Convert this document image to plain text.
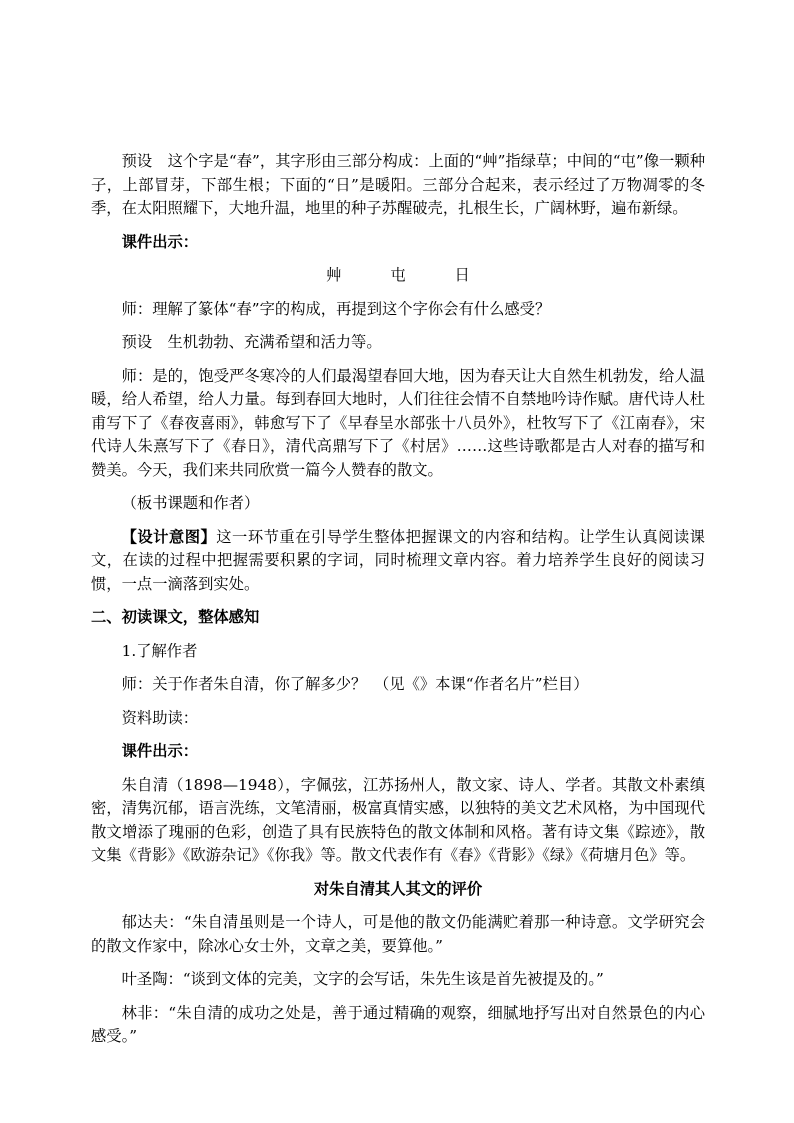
预设　这个字是“春”，其字形由三部分构成：上面的“艸”指绿草；中间的“屯”像一颗种子，上部冒芽，下部生根；下面的“日”是暖阳。三部分合起来，表示经过了万物凋零的冬季，在太阳照耀下，大地升温，地里的种子苏醒破壳，扎根生长，广阔林野，遍布新绿。

课件出示：

艸	屯	日

师：理解了篆体“春”字的构成，再提到这个字你会有什么感受？

预设　生机勃勃、充满希望和活力等。

师：是的，饱受严冬寒冷的人们最渴望春回大地，因为春天让大自然生机勃发，给人温暖，给人希望，给人力量。每到春回大地时，人们往往会情不自禁地吟诗作赋。唐代诗人杜甫写下了《春夜喜雨》，韩愈写下了《早春呈水部张十八员外》，杜牧写下了《江南春》，宋代诗人朱熹写下了《春日》，清代高鼎写下了《村居》……这些诗歌都是古人对春的描写和赞美。今天，我们来共同欣赏一篇今人赞春的散文。

（板书课题和作者）

【设计意图】这一环节重在引导学生整体把握课文的内容和结构。让学生认真阅读课文，在读的过程中把握需要积累的字词，同时梳理文章内容。着力培养学生良好的阅读习惯，一点一滴落到实处。

二、初读课文，整体感知

1.了解作者

师：关于作者朱自清，你了解多少？　（见《》本课“作者名片”栏目）

资料助读：

课件出示：

朱自清（1898—1948），字佩弦，江苏扬州人，散文家、诗人、学者。其散文朴素缜密，清隽沉郁，语言洗练，文笔清丽，极富真情实感，以独特的美文艺术风格，为中国现代散文增添了瑰丽的色彩，创造了具有民族特色的散文体制和风格。著有诗文集《踪迹》，散文集《背影》《欧游杂记》《你我》等。散文代表作有《春》《背影》《绿》《荷塘月色》等。

对朱自清其人其文的评价

郁达夫：“朱自清虽则是一个诗人，可是他的散文仍能满贮着那一种诗意。文学研究会的散文作家中，除冰心女士外，文章之美，要算他。”

叶圣陶：“谈到文体的完美，文字的会写话，朱先生该是首先被提及的。”

林非：“朱自清的成功之处是，善于通过精确的观察，细腻地抒写出对自然景色的内心感受。”
